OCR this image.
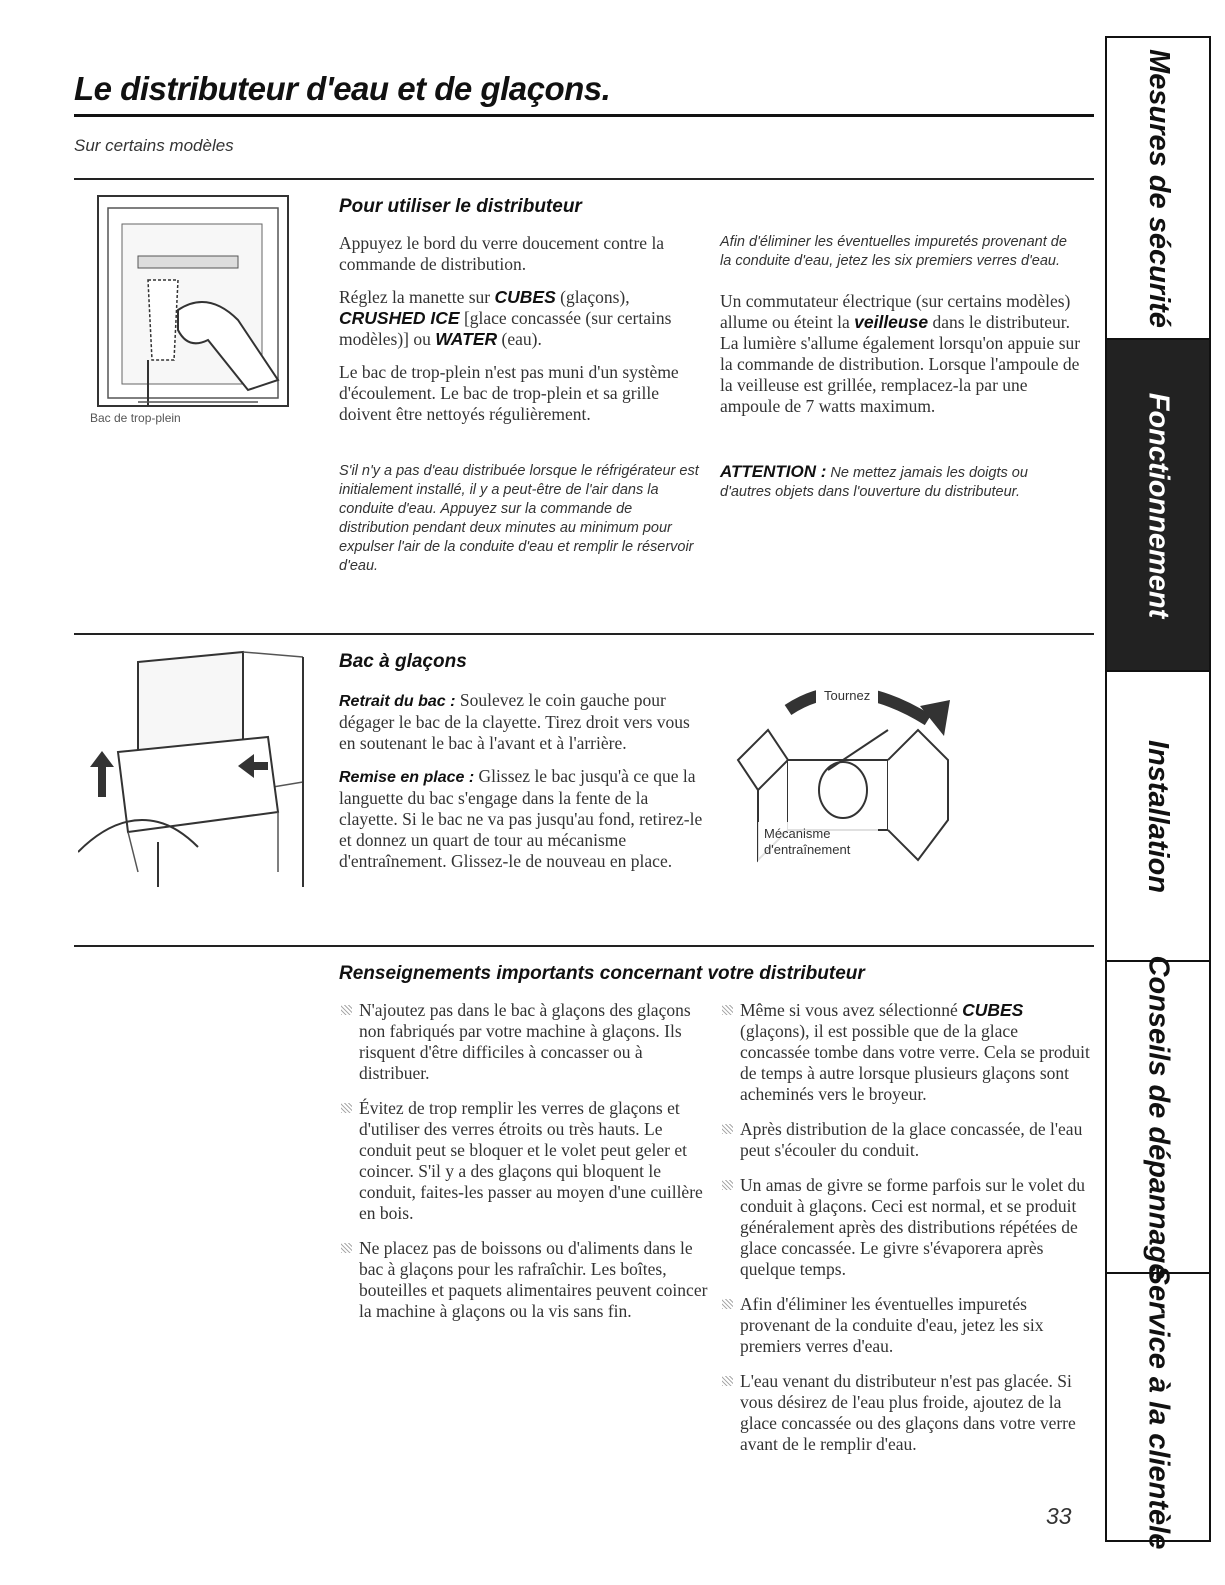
Le distributeur d'eau et de glaçons.
Sur certains modèles
Bac de trop-plein
Pour utiliser le distributeur

Appuyez le bord du verre doucement contre la commande de distribution.

Réglez la manette sur CUBES (glaçons), CRUSHED ICE [glace concassée (sur certains modèles)] ou WATER (eau).

Le bac de trop-plein n'est pas muni d'un système d'écoulement. Le bac de trop-plein et sa grille doivent être nettoyés régulièrement.

S'il n'y a pas d'eau distribuée lorsque le réfrigérateur est initialement installé, il y a peut-être de l'air dans la conduite d'eau. Appuyez sur la commande de distribution pendant deux minutes au minimum pour expulser l'air de la conduite d'eau et remplir le réservoir d'eau.
Afin d'éliminer les éventuelles impuretés provenant de la conduite d'eau, jetez les six premiers verres d'eau.

Un commutateur électrique (sur certains modèles) allume ou éteint la veilleuse dans le distributeur. La lumière s'allume également lorsqu'on appuie sur la commande de distribution. Lorsque l'ampoule de la veilleuse est grillée, remplacez-la par une ampoule de 7 watts maximum.

ATTENTION : Ne mettez jamais les doigts ou d'autres objets dans l'ouverture du distributeur.
Bac à glaçons

Retrait du bac : Soulevez le coin gauche pour dégager le bac de la clayette. Tirez droit vers vous en soutenant le bac à l'avant et à l'arrière.

Remise en place : Glissez le bac jusqu'à ce que la languette du bac s'engage dans la fente de la clayette. Si le bac ne va pas jusqu'au fond, retirez-le et donnez un quart de tour au mécanisme d'entraînement. Glissez-le de nouveau en place.

Tournez
Mécanisme
d'entraînement
Renseignements importants concernant votre distributeur
N'ajoutez pas dans le bac à glaçons des glaçons non fabriqués par votre machine à glaçons. Ils risquent d'être difficiles à concasser ou à distribuer.
Évitez de trop remplir les verres de glaçons et d'utiliser des verres étroits ou très hauts. Le conduit peut se bloquer et le volet peut geler et coincer. S'il y a des glaçons qui bloquent le conduit, faites-les passer au moyen d'une cuillère en bois.
Ne placez pas de boissons ou d'aliments dans le bac à glaçons pour les rafraîchir. Les boîtes, bouteilles et paquets alimentaires peuvent coincer la machine à glaçons ou la vis sans fin.
Même si vous avez sélectionné CUBES (glaçons), il est possible que de la glace concassée tombe dans votre verre. Cela se produit de temps à autre lorsque plusieurs glaçons sont acheminés vers le broyeur.
Après distribution de la glace concassée, de l'eau peut s'écouler du conduit.
Un amas de givre se forme parfois sur le volet du conduit à glaçons. Ceci est normal, et se produit généralement après des distributions répétées de glace concassée. Le givre s'évaporera après quelque temps.
Afin d'éliminer les éventuelles impuretés provenant de la conduite d'eau, jetez les six premiers verres d'eau.
L'eau venant du distributeur n'est pas glacée. Si vous désirez de l'eau plus froide, ajoutez de la glace concassée ou des glaçons dans votre verre avant de le remplir d'eau.
33
Mesures de sécurité
Fonctionnement
Installation
Conseils de dépannage
Service à la clientèle
